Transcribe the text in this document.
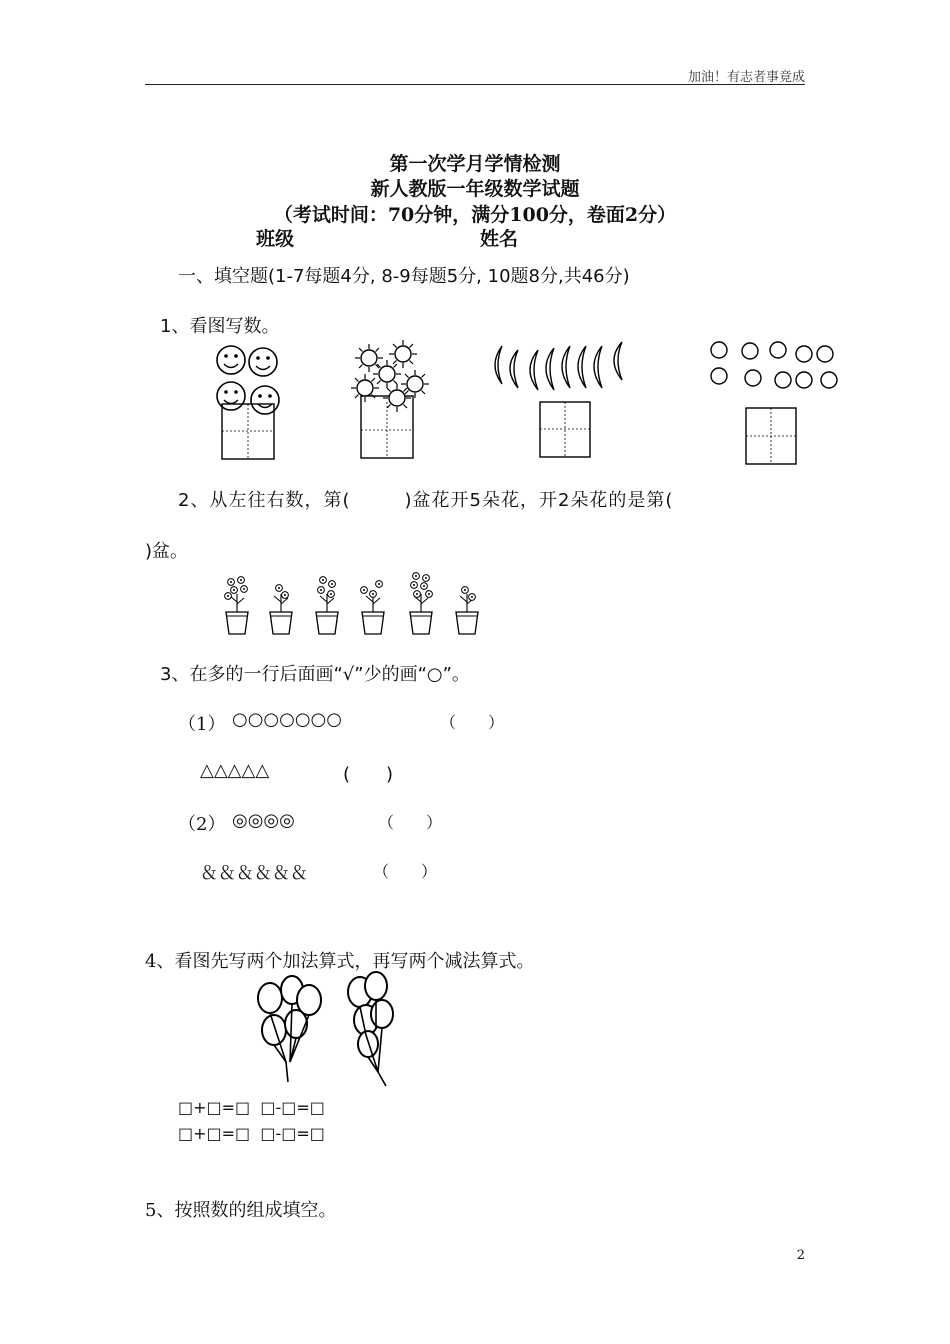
加油！有志者事竟成
第一次学月学情检测
新人教版一年级数学试题
（考试时间：70分钟，满分100分，卷面2分）
班级	姓名
一、填空题(1-7每题4分, 8-9每题5分, 10题8分,共46分)
1、看图写数。
2、从左往右数，第(	)盆花开5朵花，开2朵花的是第(
)盆。
3、在多的一行后面画“√”少的画“○”。
（1） ○○○○○○○	（　　）
△△△△△	(　　)
（2） ◎◎◎◎	（　　）
＆＆＆＆＆＆	（　　）
4、看图先写两个加法算式，再写两个减法算式。
□+□=□  □-□=□
□+□=□  □-□=□
5、按照数的组成填空。
2
